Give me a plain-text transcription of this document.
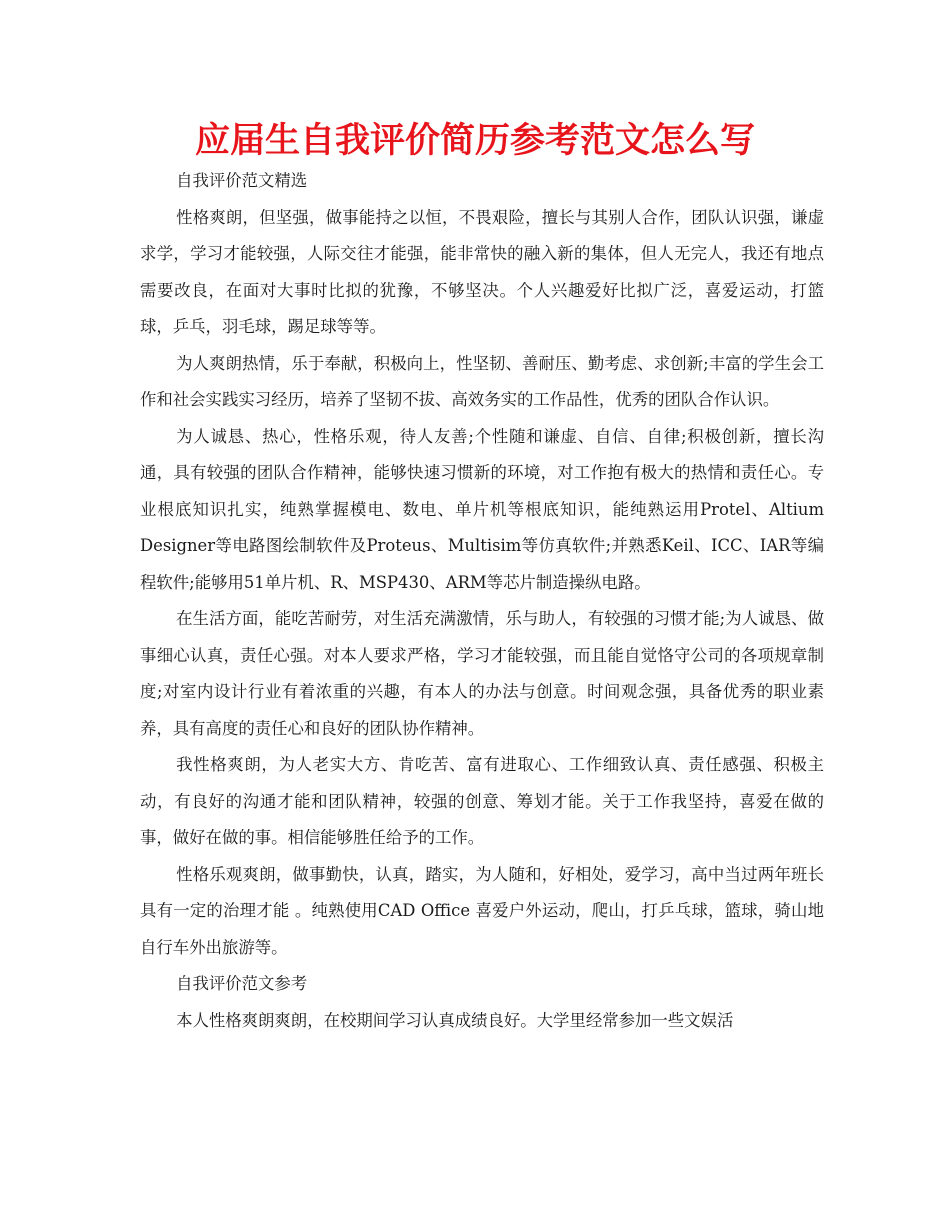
应届生自我评价简历参考范文怎么写

自我评价范文精选

性格爽朗，但坚强，做事能持之以恒，不畏艰险，擅长与其别人合作，团队认识强，谦虚求学，学习才能较强，人际交往才能强，能非常快的融入新的集体，但人无完人，我还有地点需要改良，在面对大事时比拟的犹豫，不够坚决。个人兴趣爱好比拟广泛，喜爱运动，打篮球，乒乓，羽毛球，踢足球等等。

为人爽朗热情，乐于奉献，积极向上，性坚韧、善耐压、勤考虑、求创新;丰富的学生会工作和社会实践实习经历，培养了坚韧不拔、高效务实的工作品性，优秀的团队合作认识。

为人诚恳、热心，性格乐观，待人友善;个性随和谦虚、自信、自律;积极创新，擅长沟通，具有较强的团队合作精神，能够快速习惯新的环境，对工作抱有极大的热情和责任心。专业根底知识扎实，纯熟掌握模电、数电、单片机等根底知识，能纯熟运用Protel、Altium Designer等电路图绘制软件及Proteus、Multisim等仿真软件;并熟悉Keil、ICC、IAR等编程软件;能够用51单片机、R、MSP430、ARM等芯片制造操纵电路。

在生活方面，能吃苦耐劳，对生活充满激情，乐与助人，有较强的习惯才能;为人诚恳、做事细心认真，责任心强。对本人要求严格，学习才能较强，而且能自觉恪守公司的各项规章制度;对室内设计行业有着浓重的兴趣，有本人的办法与创意。时间观念强，具备优秀的职业素养，具有高度的责任心和良好的团队协作精神。

我性格爽朗，为人老实大方、肯吃苦、富有进取心、工作细致认真、责任感强、积极主动，有良好的沟通才能和团队精神，较强的创意、筹划才能。关于工作我坚持，喜爱在做的事，做好在做的事。相信能够胜任给予的工作。

性格乐观爽朗，做事勤快，认真，踏实，为人随和，好相处，爱学习，高中当过两年班长具有一定的治理才能 。纯熟使用CAD Office 喜爱户外运动，爬山，打乒乓球，篮球，骑山地自行车外出旅游等。

自我评价范文参考

本人性格爽朗爽朗，在校期间学习认真成绩良好。大学里经常参加一些文娱活
